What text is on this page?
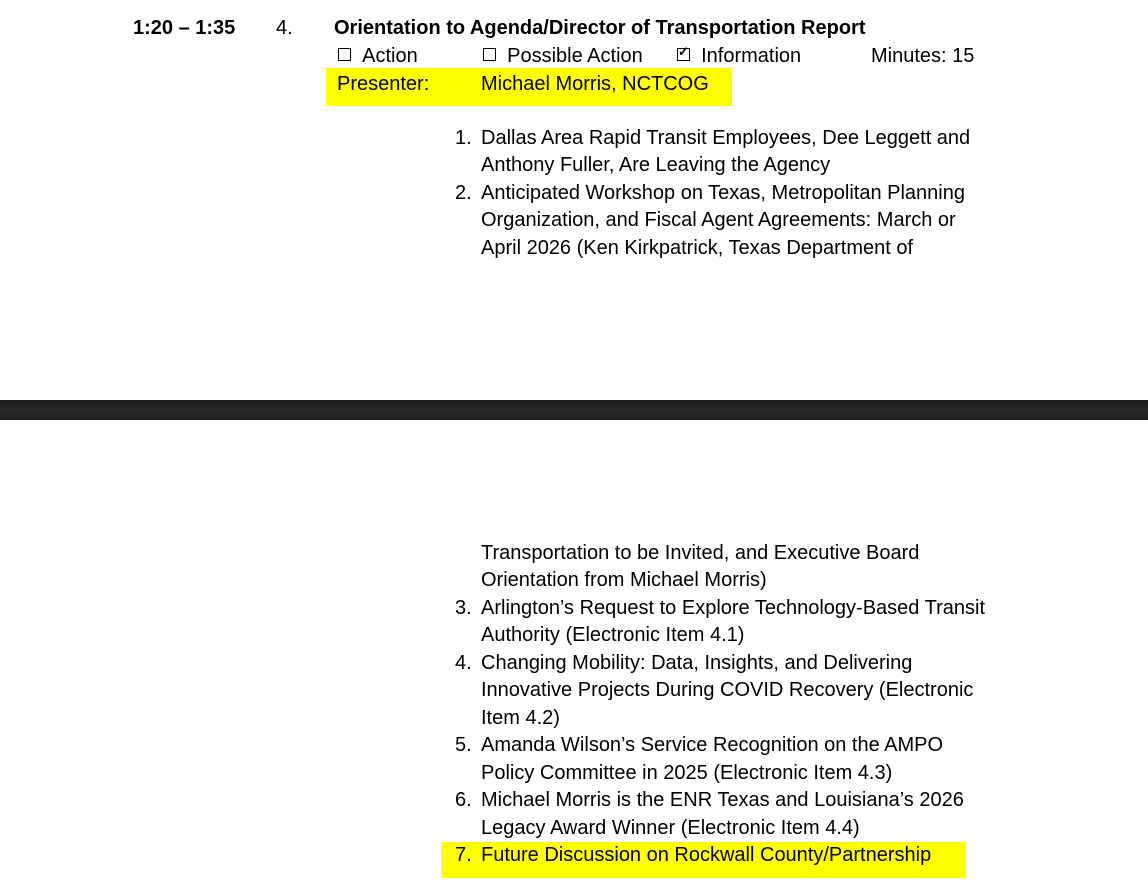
1:20 – 1:35 4. Orientation to Agenda/Director of Transportation Report
Action	Possible Action ✓	Information	Minutes: 15
Presenter:	Michael Morris, NCTCOG
1. Dallas Area Rapid Transit Employees, Dee Leggett and
Anthony Fuller, Are Leaving the Agency
2. Anticipated Workshop on Texas, Metropolitan Planning
Organization, and Fiscal Agent Agreements: March or
April 2026 (Ken Kirkpatrick, Texas Department of
Transportation to be Invited, and Executive Board
Orientation from Michael Morris)
3. Arlington’s Request to Explore Technology-Based Transit
Authority (Electronic Item 4.1)
4. Changing Mobility: Data, Insights, and Delivering
Innovative Projects During COVID Recovery (Electronic
Item 4.2)
5. Amanda Wilson’s Service Recognition on the AMPO
Policy Committee in 2025 (Electronic Item 4.3)
6. Michael Morris is the ENR Texas and Louisiana’s 2026
Legacy Award Winner (Electronic Item 4.4)
7. Future Discussion on Rockwall County/Partnership
